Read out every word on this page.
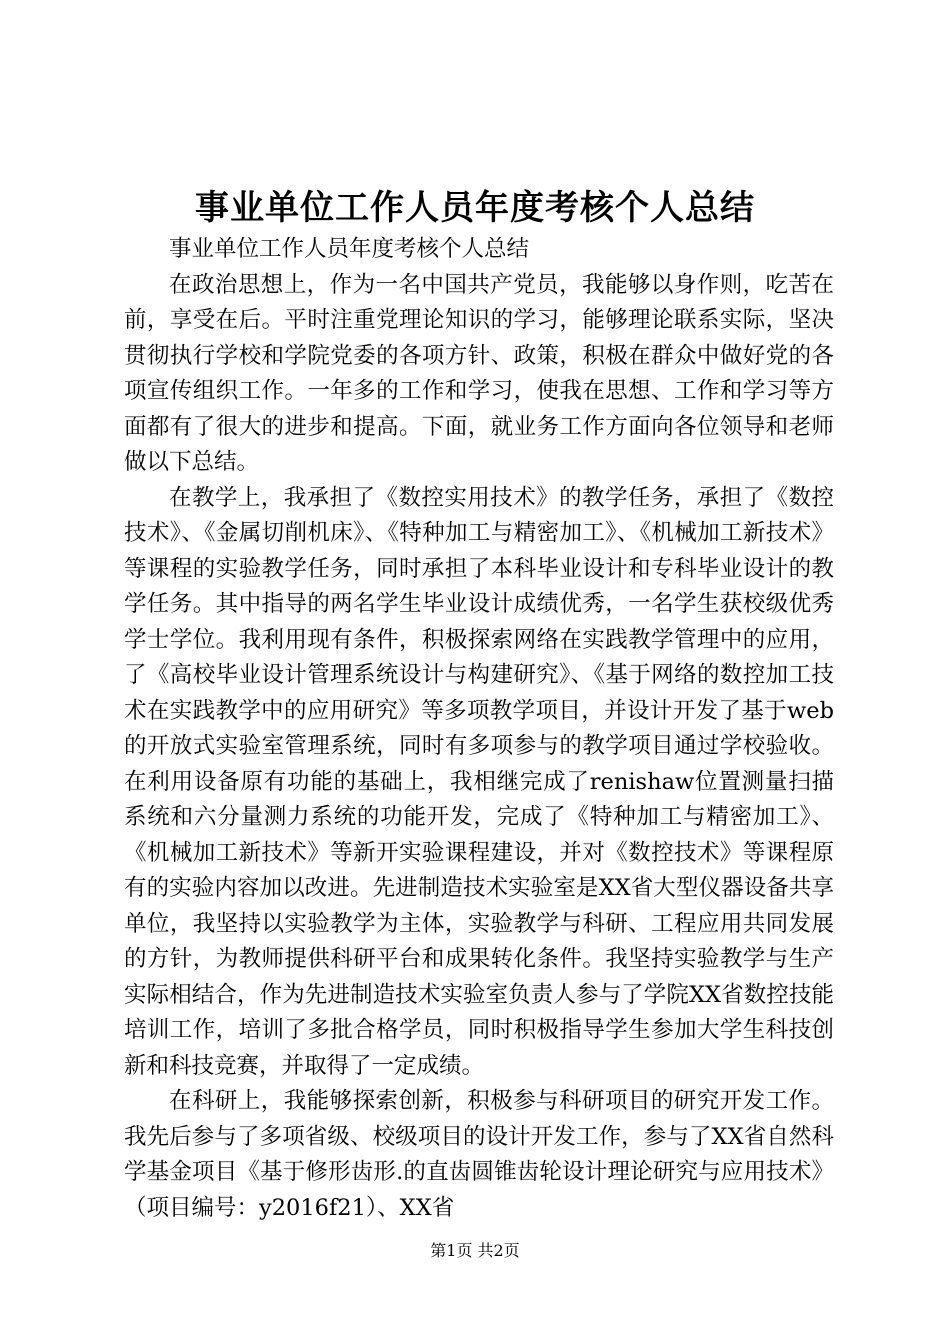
事业单位工作人员年度考核个人总结

事业单位工作人员年度考核个人总结

在政治思想上，作为一名中国共产党员，我能够以身作则，吃苦在前，享受在后。平时注重党理论知识的学习，能够理论联系实际，坚决贯彻执行学校和学院党委的各项方针、政策，积极在群众中做好党的各项宣传组织工作。一年多的工作和学习，使我在思想、工作和学习等方面都有了很大的进步和提高。下面，就业务工作方面向各位领导和老师做以下总结。

在教学上，我承担了《数控实用技术》的教学任务，承担了《数控技术》、《金属切削机床》、《特种加工与精密加工》、《机械加工新技术》等课程的实验教学任务，同时承担了本科毕业设计和专科毕业设计的教学任务。其中指导的两名学生毕业设计成绩优秀，一名学生获校级优秀学士学位。我利用现有条件，积极探索网络在实践教学管理中的应用，了《高校毕业设计管理系统设计与构建研究》、《基于网络的数控加工技术在实践教学中的应用研究》等多项教学项目，并设计开发了基于web的开放式实验室管理系统，同时有多项参与的教学项目通过学校验收。在利用设备原有功能的基础上，我相继完成了renishaw位置测量扫描系统和六分量测力系统的功能开发，完成了《特种加工与精密加工》、《机械加工新技术》等新开实验课程建设，并对《数控技术》等课程原有的实验内容加以改进。先进制造技术实验室是XX省大型仪器设备共享单位，我坚持以实验教学为主体，实验教学与科研、工程应用共同发展的方针，为教师提供科研平台和成果转化条件。我坚持实验教学与生产实际相结合，作为先进制造技术实验室负责人参与了学院XX省数控技能培训工作，培训了多批合格学员，同时积极指导学生参加大学生科技创新和科技竞赛，并取得了一定成绩。

在科研上，我能够探索创新，积极参与科研项目的研究开发工作。我先后参与了多项省级、校级项目的设计开发工作，参与了XX省自然科学基金项目《基于修形齿形.的直齿圆锥齿轮设计理论研究与应用技术》（项目编号：y2016f21）、XX省

第1页 共2页
